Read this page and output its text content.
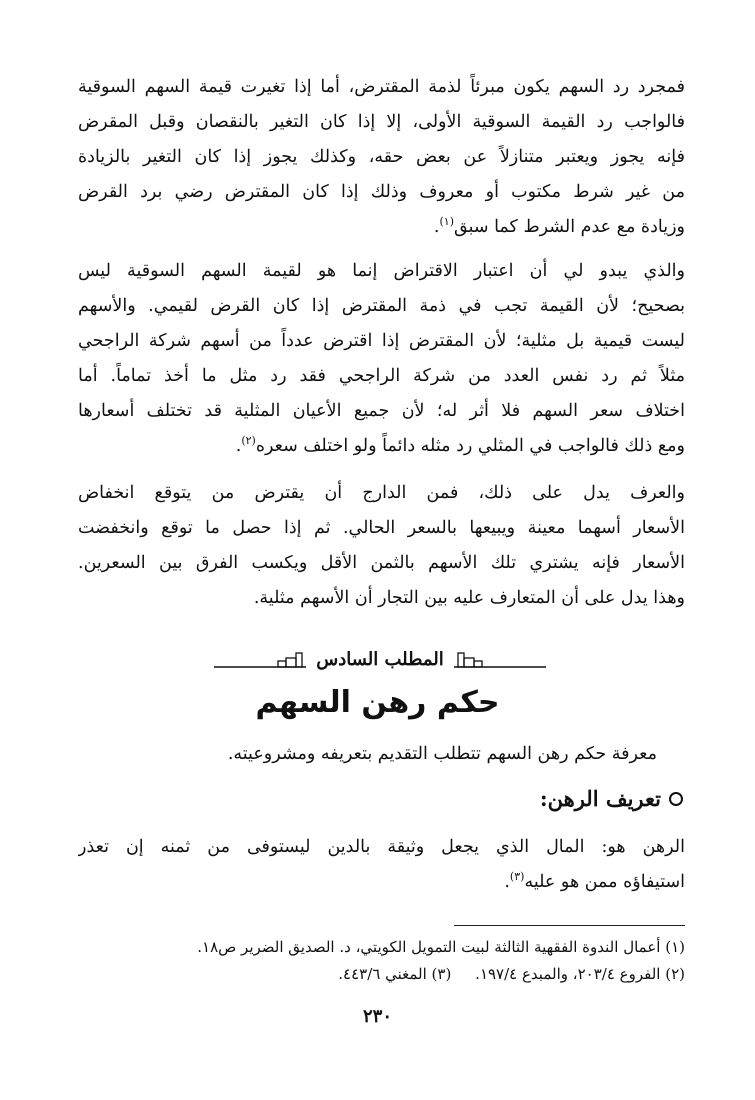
فمجرد رد السهم يكون مبرئاً لذمة المقترض، أما إذا تغيرت قيمة السهم السوقية
فالواجب رد القيمة السوقية الأولى، إلا إذا كان التغير بالنقصان وقبل المقرض
فإنه يجوز ويعتبر متنازلاً عن بعض حقه، وكذلك يجوز إذا كان التغير بالزيادة
من غير شرط مكتوب أو معروف وذلك إذا كان المقترض رضي برد القرض
وزيادة مع عدم الشرط كما سبق$^{(١)}$.

والذي يبدو لي أن اعتبار الاقتراض إنما هو لقيمة السهم السوقية ليس
بصحيح؛ لأن القيمة تجب في ذمة المقترض إذا كان القرض لقيمي. والأسهم
ليست قيمية بل مثلية؛ لأن المقترض إذا اقترض عدداً من أسهم شركة الراجحي
مثلاً ثم رد نفس العدد من شركة الراجحي فقد رد مثل ما أخذ تماماً. أما
اختلاف سعر السهم فلا أثر له؛ لأن جميع الأعيان المثلية قد تختلف أسعارها
ومع ذلك فالواجب في المثلي رد مثله دائماً ولو اختلف سعره$^{(٢)}$.

والعرف يدل على ذلك، فمن الدارج أن يقترض من يتوقع انخفاض
الأسعار أسهما معينة ويبيعها بالسعر الحالي. ثم إذا حصل ما توقع وانخفضت
الأسعار فإنه يشتري تلك الأسهم بالثمن الأقل ويكسب الفرق بين السعرين.
وهذا يدل على أن المتعارف عليه بين التجار أن الأسهم مثلية.

المطلب السادس
حكم رهن السهم

معرفة حكم رهن السهم تتطلب التقديم بتعريفه ومشروعيته.

تعريف الرهن:

الرهن هو: المال الذي يجعل وثيقة بالدين ليستوفى من ثمنه إن تعذر
استيفاؤه ممن هو عليه$^{(٣)}$.

(١) أعمال الندوة الفقهية الثالثة لبيت التمويل الكويتي، د. الصديق الضرير ص١٨.
(٢) الفروع ٢٠٣/٤، والمبدع ١٩٧/٤.     (٣) المغني ٤٤٣/٦.
٢٣٠
